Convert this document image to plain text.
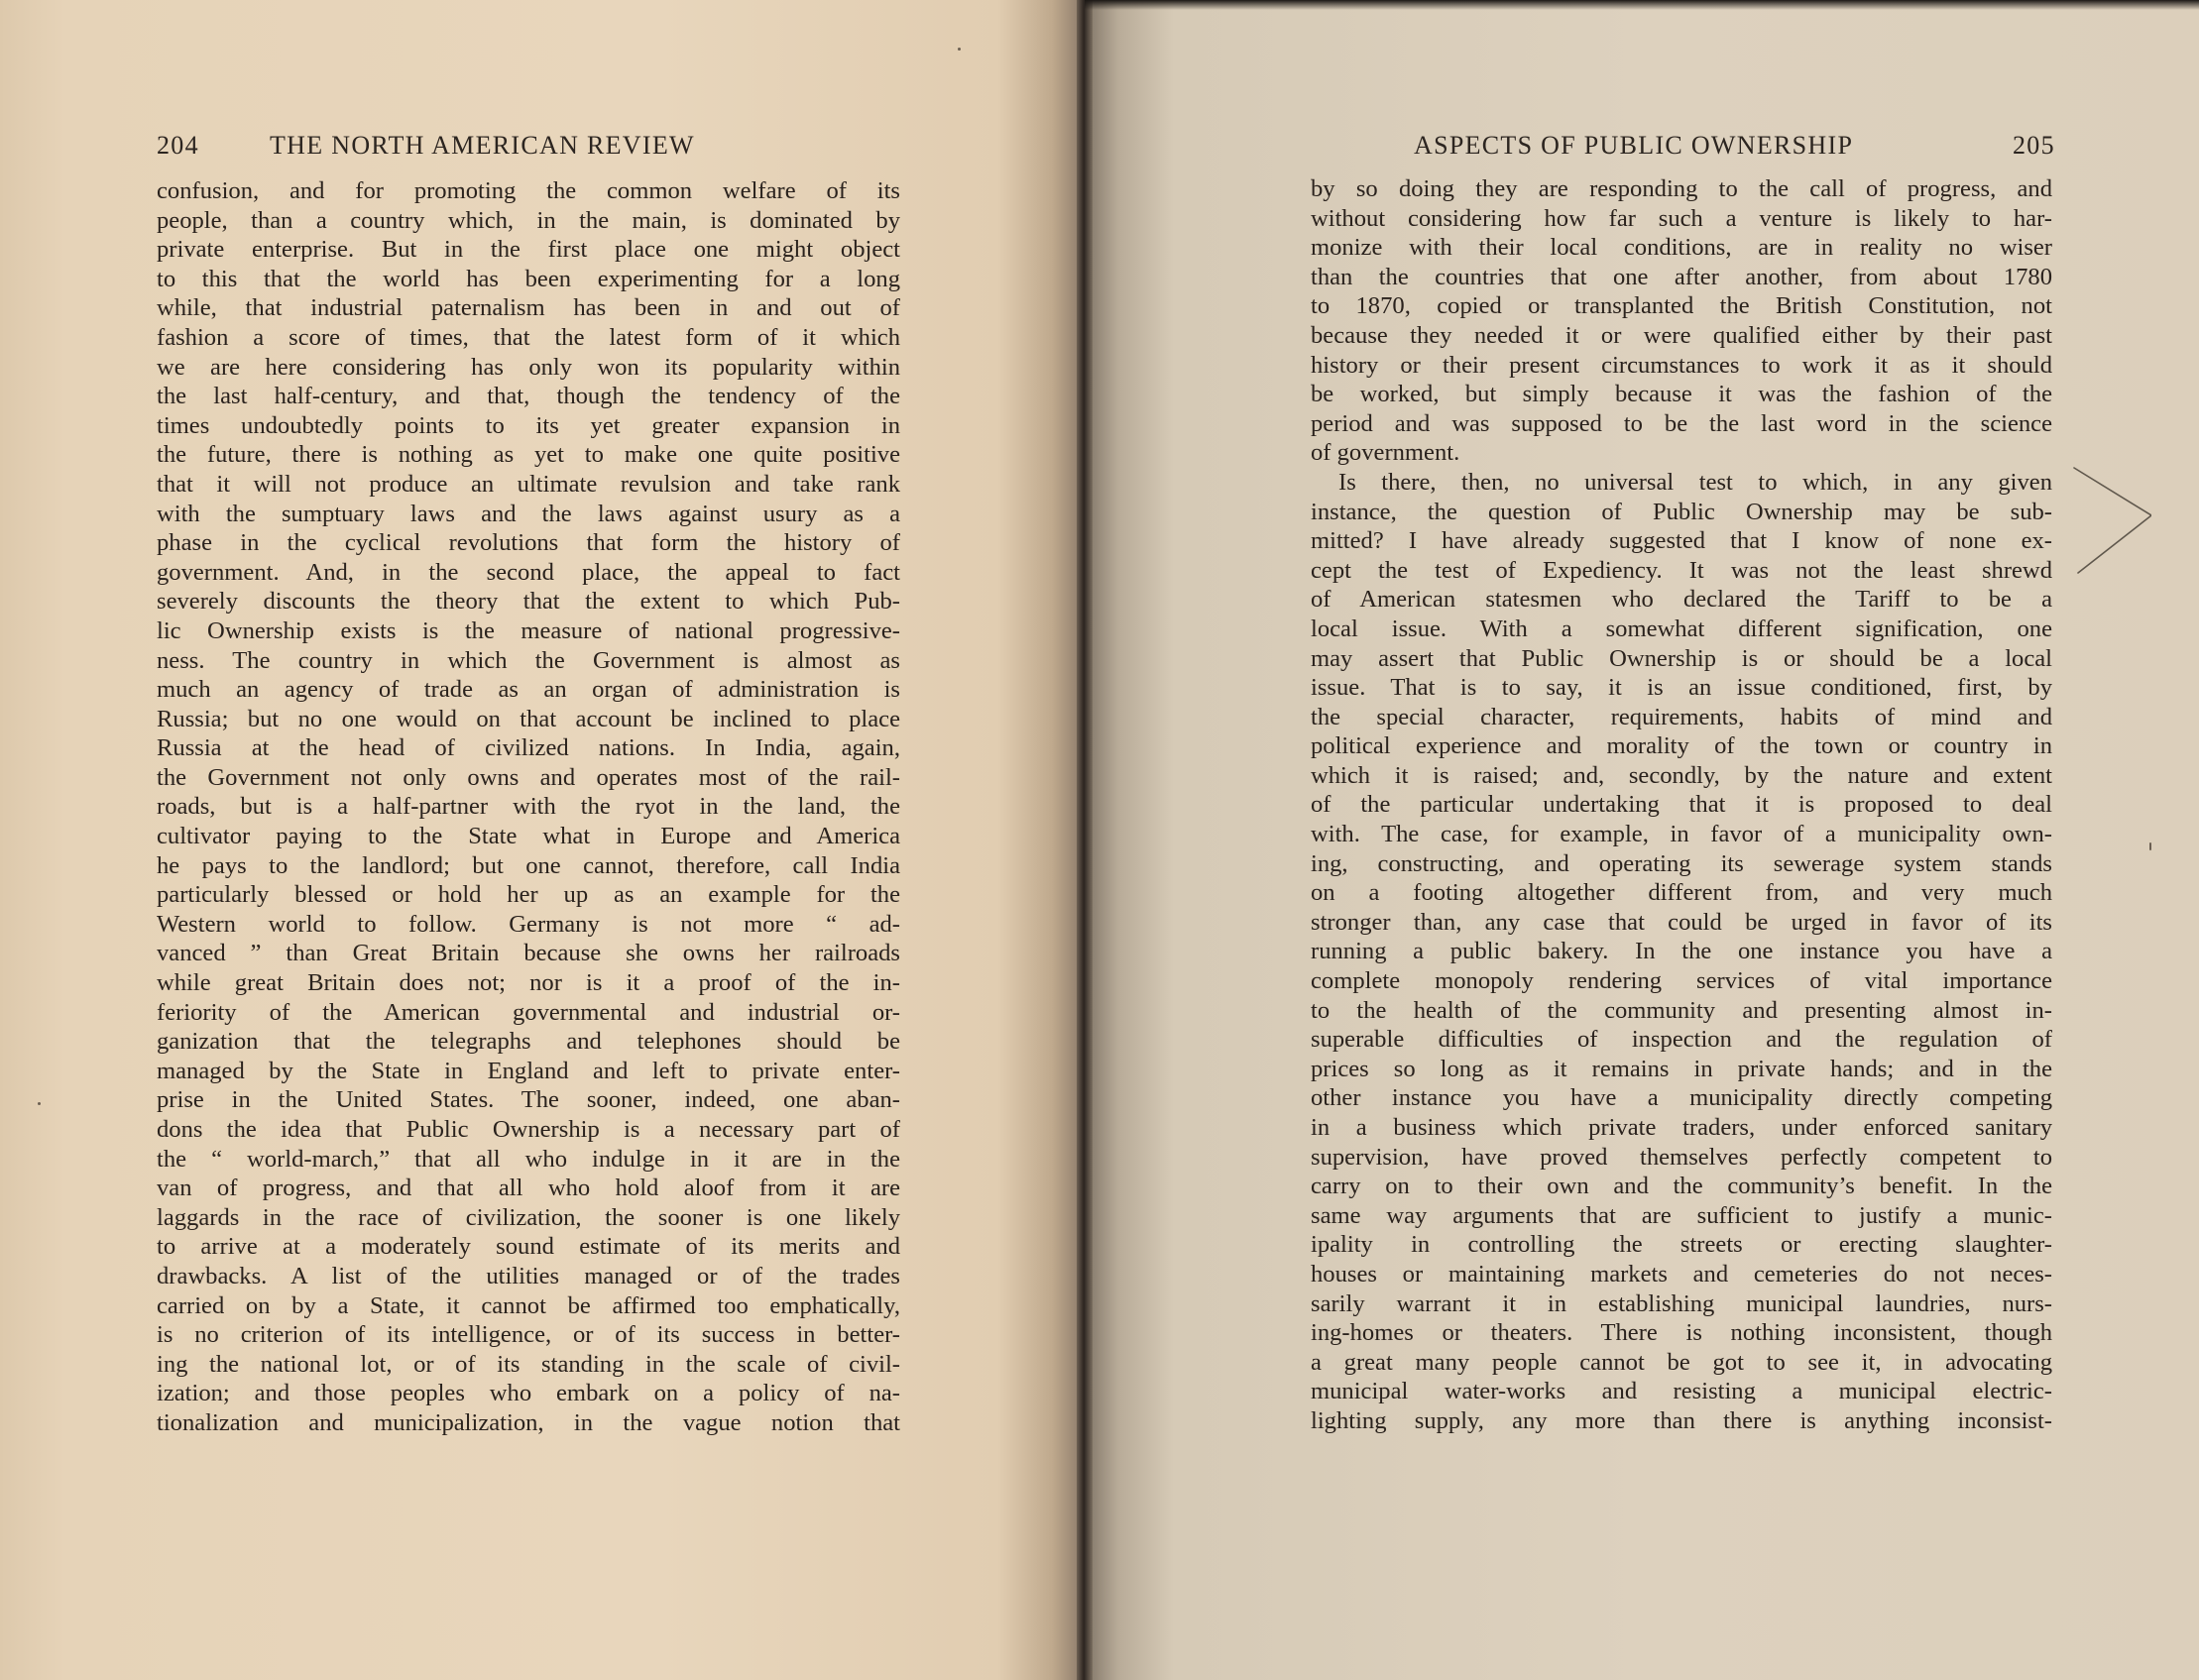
204	THE NORTH AMERICAN REVIEW
confusion, and for promoting the common welfare of its
people, than a country which, in the main, is dominated by
private enterprise. But in the first place one might object
to this that the world has been experimenting for a long
while, that industrial paternalism has been in and out of
fashion a score of times, that the latest form of it which
we are here considering has only won its popularity within
the last half-century, and that, though the tendency of the
times undoubtedly points to its yet greater expansion in
the future, there is nothing as yet to make one quite positive
that it will not produce an ultimate revulsion and take rank
with the sumptuary laws and the laws against usury as a
phase in the cyclical revolutions that form the history of
government. And, in the second place, the appeal to fact
severely discounts the theory that the extent to which Pub-
lic Ownership exists is the measure of national progressive-
ness. The country in which the Government is almost as
much an agency of trade as an organ of administration is
Russia; but no one would on that account be inclined to place
Russia at the head of civilized nations. In India, again,
the Government not only owns and operates most of the rail-
roads, but is a half-partner with the ryot in the land, the
cultivator paying to the State what in Europe and America
he pays to the landlord; but one cannot, therefore, call India
particularly blessed or hold her up as an example for the
Western world to follow. Germany is not more “ ad-
vanced ” than Great Britain because she owns her railroads
while great Britain does not; nor is it a proof of the in-
feriority of the American governmental and industrial or-
ganization that the telegraphs and telephones should be
managed by the State in England and left to private enter-
prise in the United States. The sooner, indeed, one aban-
dons the idea that Public Ownership is a necessary part of
the “ world-march,” that all who indulge in it are in the
van of progress, and that all who hold aloof from it are
laggards in the race of civilization, the sooner is one likely
to arrive at a moderately sound estimate of its merits and
drawbacks. A list of the utilities managed or of the trades
carried on by a State, it cannot be affirmed too emphatically,
is no criterion of its intelligence, or of its success in better-
ing the national lot, or of its standing in the scale of civil-
ization; and those peoples who embark on a policy of na-
tionalization and municipalization, in the vague notion that
ASPECTS OF PUBLIC OWNERSHIP	205
by so doing they are responding to the call of progress, and
without considering how far such a venture is likely to har-
monize with their local conditions, are in reality no wiser
than the countries that one after another, from about 1780
to 1870, copied or transplanted the British Constitution, not
because they needed it or were qualified either by their past
history or their present circumstances to work it as it should
be worked, but simply because it was the fashion of the
period and was supposed to be the last word in the science
of government.
Is there, then, no universal test to which, in any given
instance, the question of Public Ownership may be sub-
mitted? I have already suggested that I know of none ex-
cept the test of Expediency. It was not the least shrewd
of American statesmen who declared the Tariff to be a
local issue. With a somewhat different signification, one
may assert that Public Ownership is or should be a local
issue. That is to say, it is an issue conditioned, first, by
the special character, requirements, habits of mind and
political experience and morality of the town or country in
which it is raised; and, secondly, by the nature and extent
of the particular undertaking that it is proposed to deal
with. The case, for example, in favor of a municipality own-
ing, constructing, and operating its sewerage system stands
on a footing altogether different from, and very much
stronger than, any case that could be urged in favor of its
running a public bakery. In the one instance you have a
complete monopoly rendering services of vital importance
to the health of the community and presenting almost in-
superable difficulties of inspection and the regulation of
prices so long as it remains in private hands; and in the
other instance you have a municipality directly competing
in a business which private traders, under enforced sanitary
supervision, have proved themselves perfectly competent to
carry on to their own and the community’s benefit. In the
same way arguments that are sufficient to justify a munic-
ipality in controlling the streets or erecting slaughter-
houses or maintaining markets and cemeteries do not neces-
sarily warrant it in establishing municipal laundries, nurs-
ing-homes or theaters. There is nothing inconsistent, though
a great many people cannot be got to see it, in advocating
municipal water-works and resisting a municipal electric-
lighting supply, any more than there is anything inconsist-
